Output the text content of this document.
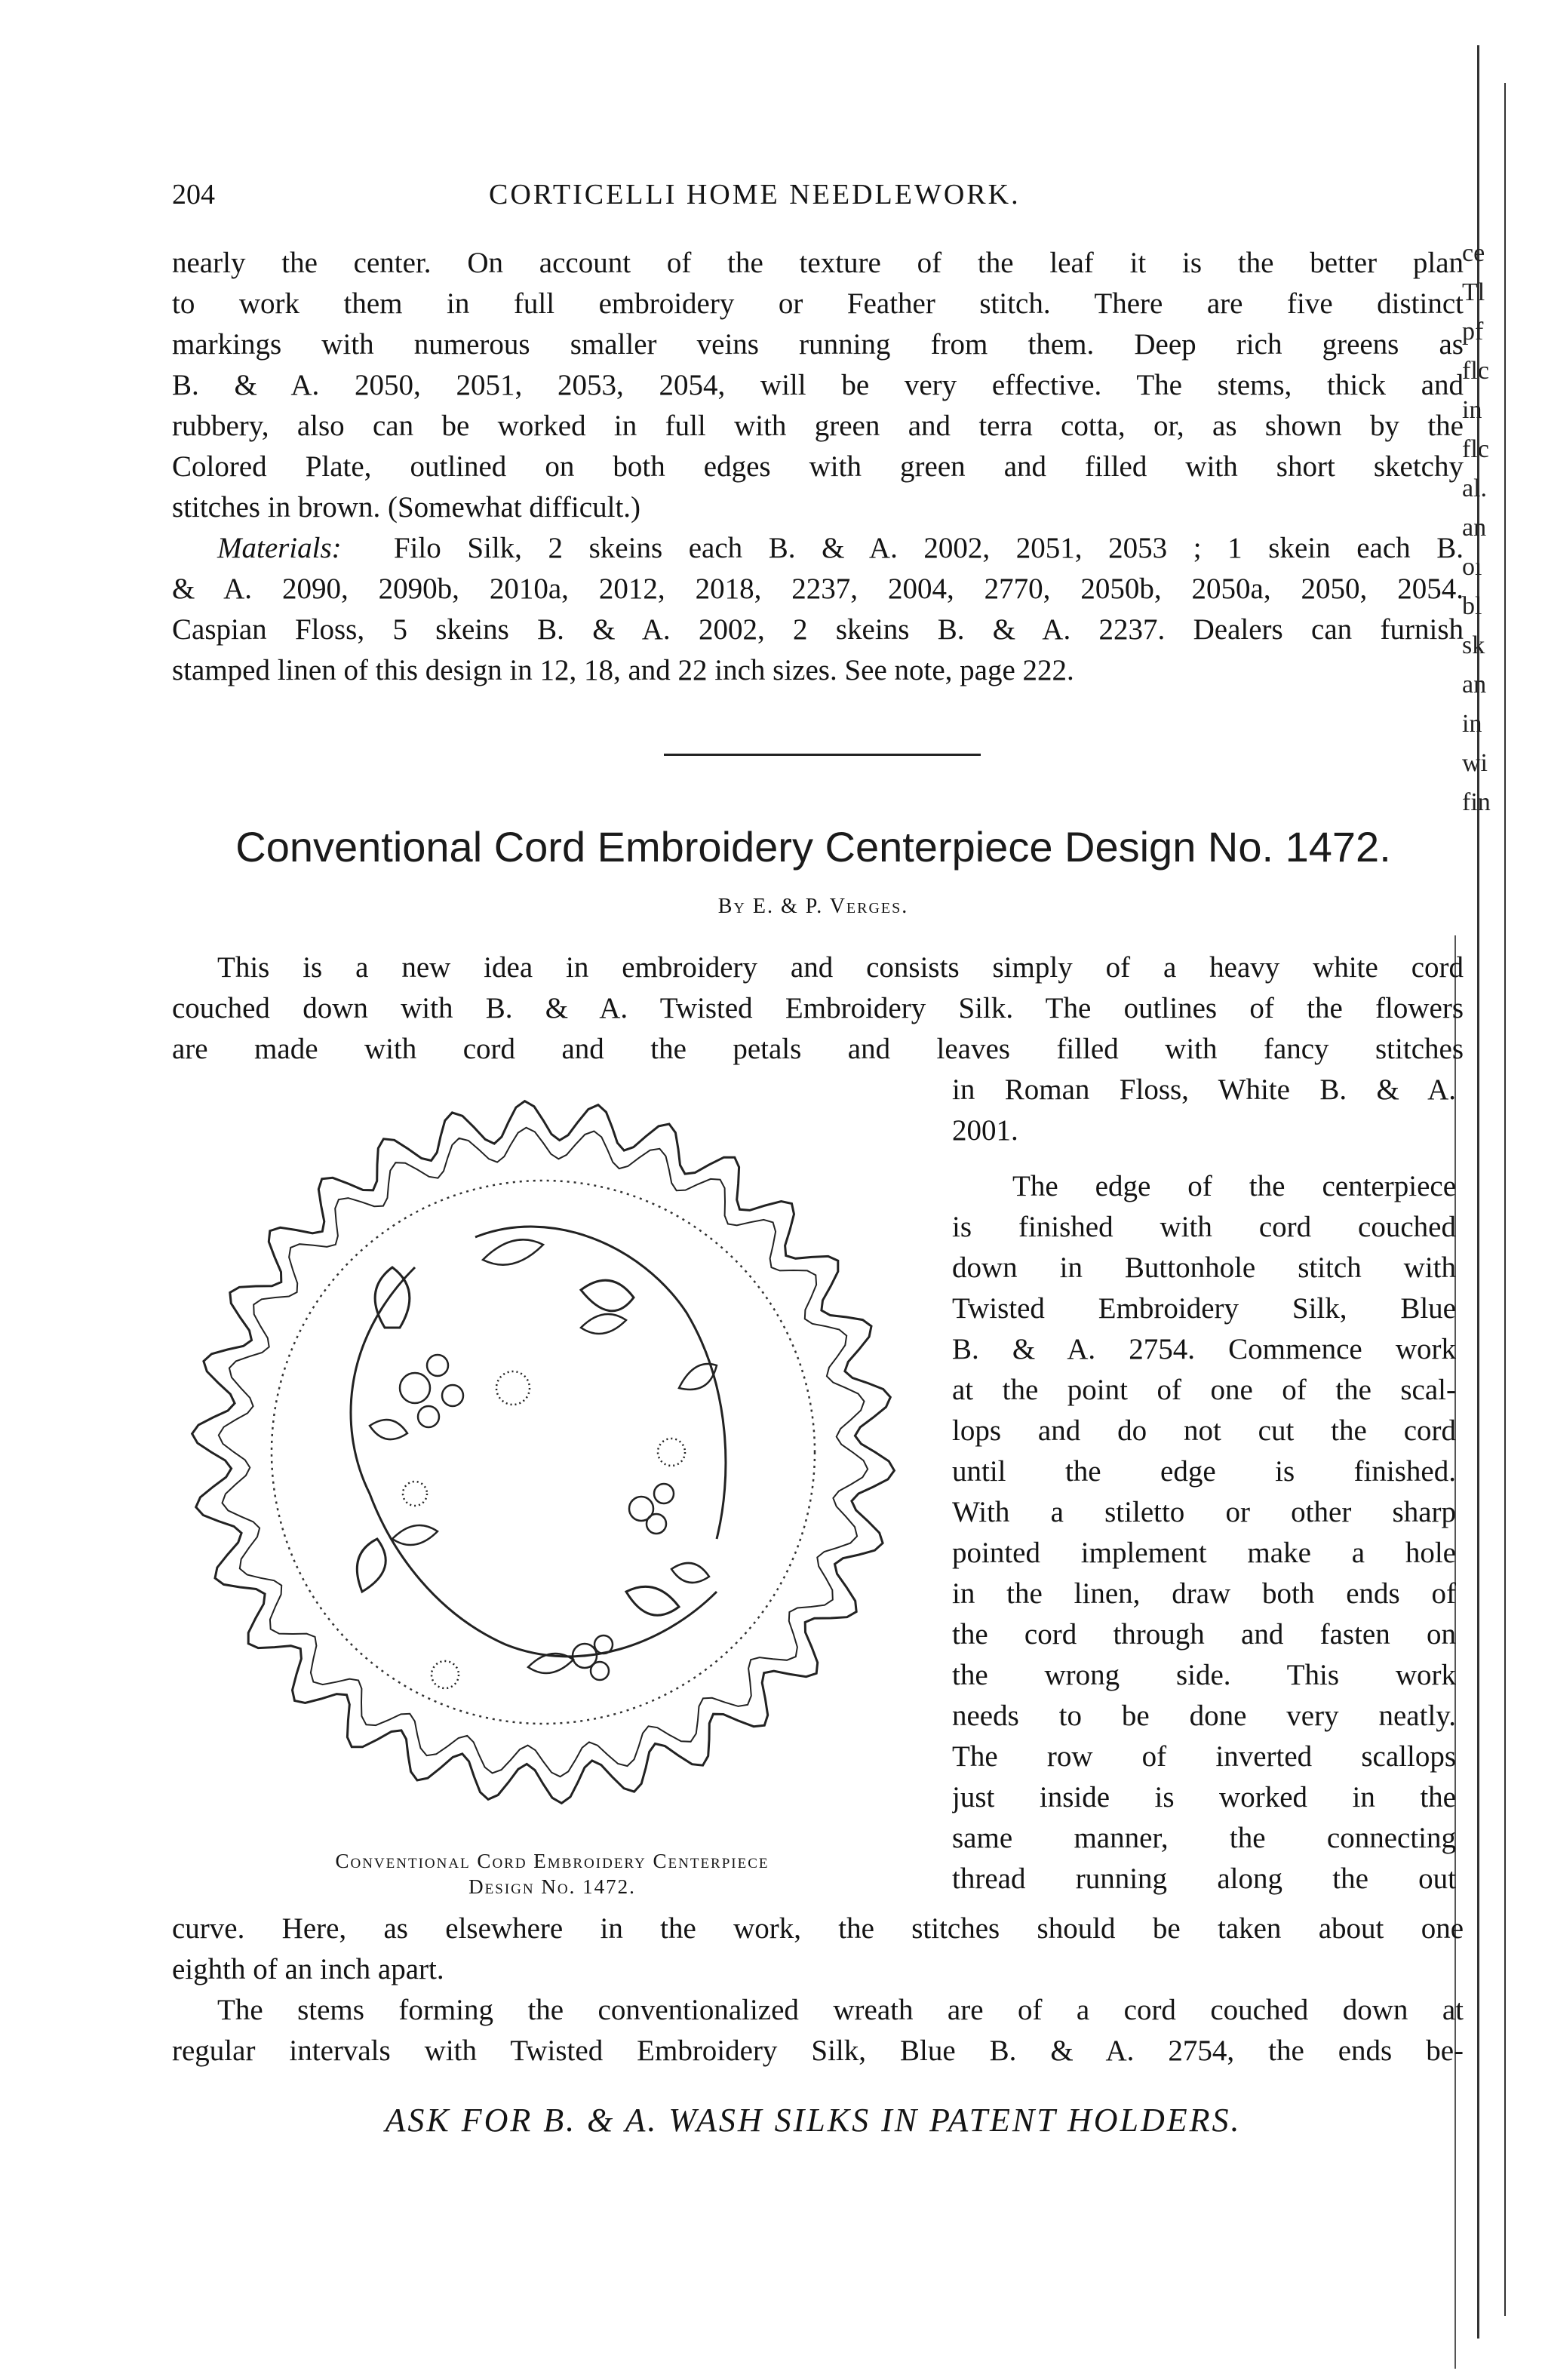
ce
Tl
pf
flc
in
flc
al.
an
oı
bl
sk
an
in
wi
fin
204	CORTICELLI HOME NEEDLEWORK.
nearly the center. On account of the texture of the leaf it is the better plan
to work them in full embroidery or Feather stitch. There are five distinct
markings with numerous smaller veins running from them. Deep rich greens as
B. & A. 2050, 2051, 2053, 2054, will be very effective. The stems, thick and
rubbery, also can be worked in full with green and terra cotta, or, as shown by the
Colored Plate, outlined on both edges with green and filled with short sketchy
stitches in brown. (Somewhat difficult.)
Materials: Filo Silk, 2 skeins each B. & A. 2002, 2051, 2053 ; 1 skein each B.
& A. 2090, 2090b, 2010a, 2012, 2018, 2237, 2004, 2770, 2050b, 2050a, 2050, 2054.
Caspian Floss, 5 skeins B. & A. 2002, 2 skeins B. & A. 2237. Dealers can furnish
stamped linen of this design in 12, 18, and 22 inch sizes. See note, page 222.
Conventional Cord Embroidery Centerpiece Design No. 1472.
By E. & P. Verges.
This is a new idea in embroidery and consists simply of a heavy white cord
couched down with B. & A. Twisted Embroidery Silk. The outlines of the flowers
are made with cord and the petals and leaves filled with fancy stitches
in Roman Floss, White B. & A.
2001.
The edge of the centerpiece
is finished with cord couched
down in Buttonhole stitch with
Twisted Embroidery Silk, Blue
B. & A. 2754. Commence work
at the point of one of the scal-
lops and do not cut the cord
until the edge is finished.
With a stiletto or other sharp
pointed implement make a hole
in the linen, draw both ends of
the cord through and fasten on
the wrong side. This work
needs to be done very neatly.
The row of inverted scallops
just inside is worked in the
same manner, the connecting
thread running along the out
Conventional Cord Embroidery Centerpiece
Design No. 1472.
curve. Here, as elsewhere in the work, the stitches should be taken about one
eighth of an inch apart.
The stems forming the conventionalized wreath are of a cord couched down at
regular intervals with Twisted Embroidery Silk, Blue B. & A. 2754, the ends be-
ASK FOR B. & A. WASH SILKS IN PATENT HOLDERS.
